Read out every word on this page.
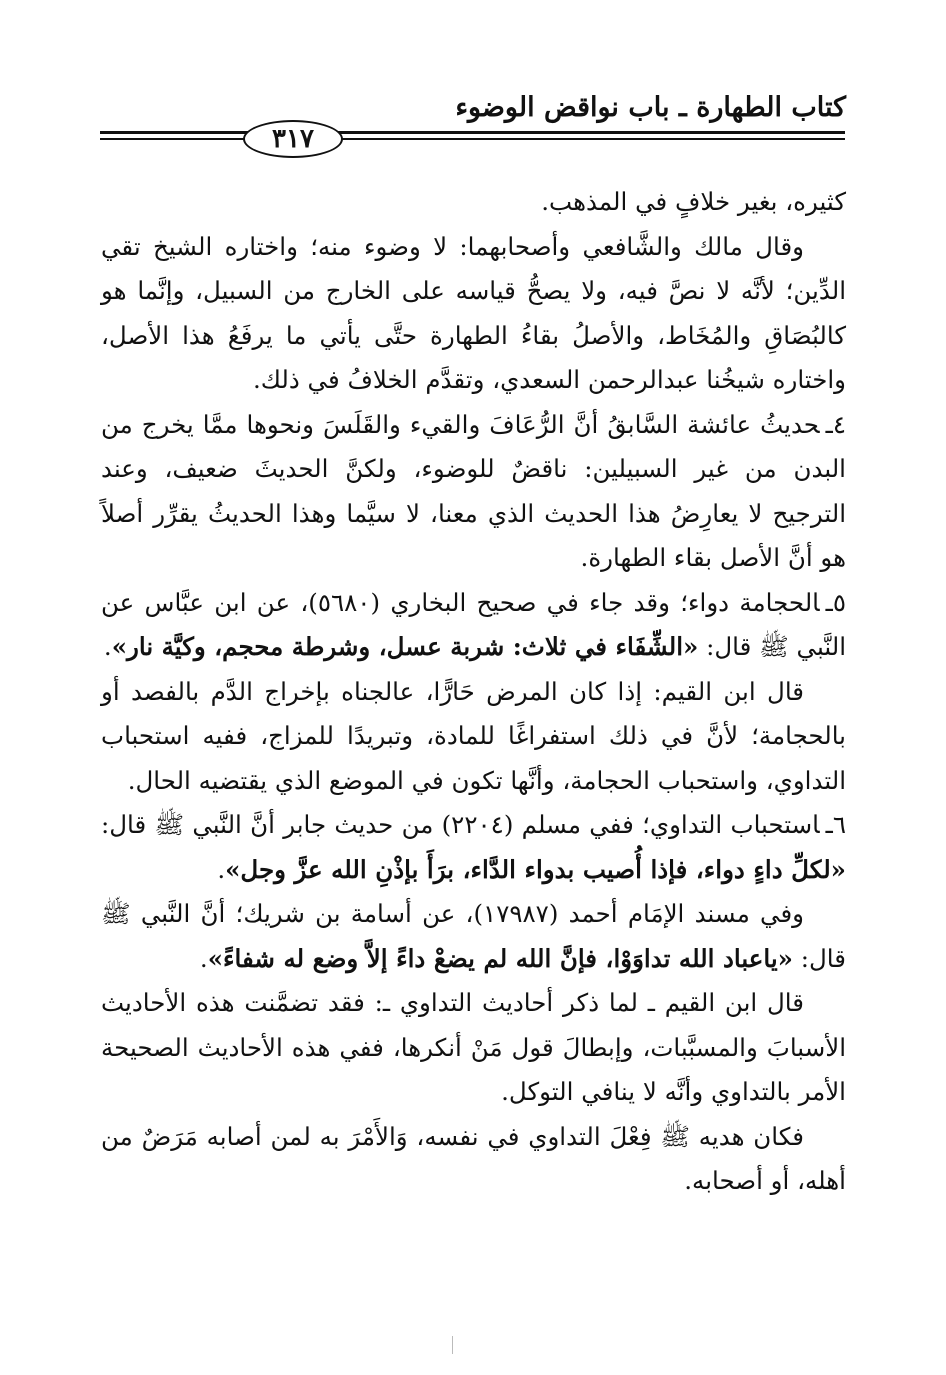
كتاب الطهارة ـ باب نواقض الوضوء
٣١٧

كثيره، بغير خلافٍ في المذهب.

وقال مالك والشَّافعي وأصحابهما: لا وضوء منه؛ واختاره الشيخ تقي الدِّين؛ لأنَّه لا نصَّ فيه، ولا يصحُّ قياسه على الخارج من السبيل، وإنَّما هو كالبُصَاقِ والمُخَاط، والأصلُ بقاءُ الطهارة حتَّى يأتي ما يرفَعُ هذا الأصل، واختاره شيخُنا عبدالرحمن السعدي، وتقدَّم الخلافُ في ذلك.

٤ـحديثُ عائشة السَّابقُ أنَّ الرُّعَافَ والقيء والقَلَسَ ونحوها ممَّا يخرج من البدن من غير السبيلين: ناقضٌ للوضوء، ولكنَّ الحديثَ ضعيف، وعند الترجيح لا يعارِضُ هذا الحديث الذي معنا، لا سيَّما وهذا الحديثُ يقرِّر أصلاً هو أنَّ الأصل بقاء الطهارة.

٥ـالحجامة دواء؛ وقد جاء في صحيح البخاري (٥٦٨٠)، عن ابن عبَّاس عن النَّبي ﷺ قال: «الشِّفَاء في ثلاث: شربة عسل، وشرطة محجم، وكيَّة نار».

قال ابن القيم: إذا كان المرض حَارًّا، عالجناه بإخراج الدَّم بالفصد أو بالحجامة؛ لأنَّ في ذلك استفراغًا للمادة، وتبريدًا للمزاج، ففيه استحباب التداوي، واستحباب الحجامة، وأنَّها تكون في الموضع الذي يقتضيه الحال.

٦ـاستحباب التداوي؛ ففي مسلم (٢٢٠٤) من حديث جابر أنَّ النَّبي ﷺ قال: «لكلِّ داءٍ دواء، فإذا أُصيب بدواء الدَّاء، برَأَ بإذْنِ الله عزَّ وجل».

وفي مسند الإمَام أحمد (١٧٩٨٧)، عن أسامة بن شريك؛ أنَّ النَّبي ﷺ قال: «ياعباد الله تداوَوْا، فإنَّ الله لم يضعْ داءً إلاَّ وضع له شفاءً».

قال ابن القيم ـ لما ذكر أحاديث التداوي ـ: فقد تضمَّنت هذه الأحاديث الأسبابَ والمسبَّبات، وإبطالَ قول مَنْ أنكرها، ففي هذه الأحاديث الصحيحة الأمر بالتداوي وأنَّه لا ينافي التوكل.

فكان هديه ﷺ فِعْلَ التداوي في نفسه، وَالأَمْرَ به لمن أصابه مَرَضٌ من أهله، أو أصحابه.
